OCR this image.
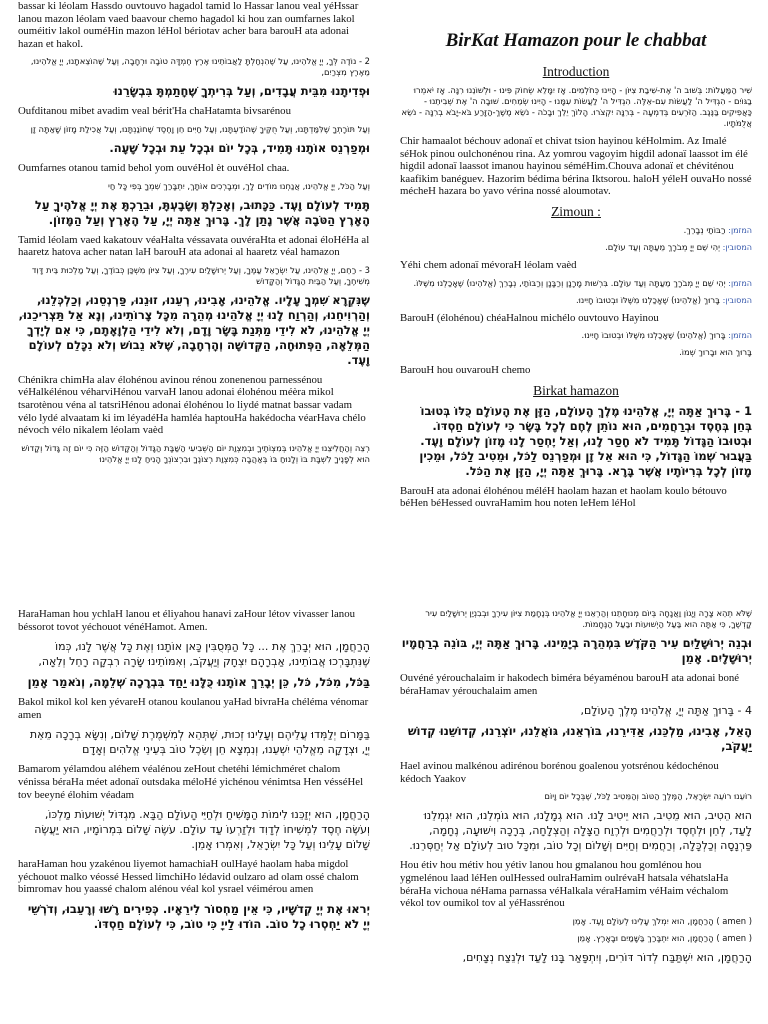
bassar ki léolam Hassdo ouvtouvo hagadol tamid lo Hassar lanou veal yéHssar lanou mazon léolam vaed baavour chemo hagadol ki hou zan oumfarnes lakol ouméitiv lakol ouméHin mazon léHol bériotav acher bara barouH ata adonai hazan et hakol.

2 - נוֹדֶה לְּךָ, יְיָ אֱלֹהֵינוּ, עַל שֶׁהִנְחַלְתָּ לַאֲבוֹתֵינוּ אֶרֶץ חֶמְדָּה טוֹבָה וּרְחָבָה, וְעַל שֶׁהוֹצֵאתָנוּ, יְיָ אֱלֹהֵינוּ, מֵאֶרֶץ מִצְרַיִם,

וּפְדִיתָנוּ מִבֵּית עֲבָדִים, וְעַל בְּרִיתְךָ שֶׁחָתַמְתָּ בִּבְשָׂרֵנוּ

Oufditanou mibet avadim veal bérit'Ha chaHatamta bivsarénou

וְעַל תּוֹרָתְךָ שֶׁלִּמַּדְתָּנוּ, וְעַל חֻקֶּיךָ שֶׁהוֹדַעְתָּנוּ, וְעַל חַיִּים חֵן וָחֶסֶד שֶׁחוֹנַנְתָּנוּ, וְעַל אֲכִילַת מָזוֹן שָׁאַתָּה זָן

וּמְפַרְנֵס אוֹתָנוּ תָּמִיד, בְּכָל יוֹם וּבְכָל עֵת וּבְכָל שָׁעָה.

Oumfarnes otanou tamid behol yom ouvéHol èt ouvéHol chaa.

וְעַל הַכֹּל, יְיָ אֱלֹהֵינוּ, אֲנַחְנוּ מוֹדִים לָךְ, וּמְבָרְכִים אוֹתָךְ, יִתְבָּרַךְ שִׁמְךָ בְּפִי כָּל חַי

תָּמִיד לְעוֹלָם וָעֶד. כַּכָּתוּב, וְאָכַלְתָּ וְשָׂבָעְתָּ, וּבֵרַכְתָּ אֶת יְיָ אֱלֹהֶיךָ עַל הָאָרֶץ הַטֹּבָה אֲשֶׁר נָתַן לָךְ. בָּרוּךְ אַתָּה יְיָ, עַל הָאָרֶץ וְעַל הַמָּזוֹן.

Tamid léolam vaed kakatouv véaHalta véssavata ouvéraHta et adonai éloHéHa al haaretz hatova acher natan laH barouH ata adonai al haaretz véal hamazon

3 - רַחֵם, יְיָ אֱלֹהֵינוּ, עַל יִשְׂרָאֵל עַמֶּךָ, וְעַל יְרוּשָׁלַיִם עִירֶךָ, וְעַל צִיּוֹן מִשְׁכַּן כְּבוֹדֶךָ, וְעַל מַלְכוּת בֵּית דָּוִד מְשִׁיחֶךָ, וְעַל הַבַּיִת הַגָּדוֹל וְהַקָּדוֹשׁ

שֶׁנִּקְרָא שִׁמְךָ עָלָיו. אֱלֹהֵינוּ, אָבִינוּ, רְעֵנוּ, זוּנֵנוּ, פַּרְנְסֵנוּ, וְכַלְכְּלֵנוּ, וְהַרְוִיחֵנוּ, וְהַרְוַח לָנוּ יְיָ אֱלֹהֵינוּ מְהֵרָה מִכָּל צָרוֹתֵינוּ, וְנָא אַל תַּצְרִיכֵנוּ, יְיָ אֱלֹהֵינוּ, לֹא לִידֵי מַתְּנַת בָּשָׂר וָדָם, וְלֹא לִידֵי הַלְוָאָתָם, כִּי אִם לְיָדְךָ הַמְּלֵאָה, הַפְּתוּחָה, הַקְּדוֹשָׁה וְהָרְחָבָה, שֶׁלֹּא נֵבוֹשׁ וְלֹא נִכָּלֵם לְעוֹלָם וָעֶד.

Chénikra chimHa alav élohénou avinou rénou zonenenou parnessénou véHalkélénou véharviHénou varvaH lanou adonai élohénou méèra mikol tsarotènou véna al tatsriHénou adonai élohénou lo liydé matnat bassar vadam vélo lydé alvaatam ki im léyadéHa hamléa haptouHa hakédocha véarHava chélo névoch vélo nikalem léolam vaèd

רְצֵה וְהַחֲלִיצֵנוּ יְיָ אֱלֹהֵינוּ בְּמִצְוֹתֶיךָ וּבְמִצְוַת יוֹם הַשְּׁבִיעִי הַשַּׁבָּת הַגָּדוֹל וְהַקָּדוֹשׁ הַזֶּה כִּי יוֹם זֶה גָּדוֹל וְקָדוֹשׁ הוּא לְפָנֶיךָ לִשְׁבָּת בּוֹ וְלָנוּחַ בּוֹ בְּאַהֲבָה כְּמִצְוַת רְצוֹנֶךָ וּבִרְצוֹנְךָ הָנִיחַ לָנוּ יְיָ אֱלֹהֵינוּ

BirKat Hamazon pour le chabbat
Introduction

שִׁיר הַמַּעֲלוֹת: בְּשׁוּב ה' אֶת-שִׁיבַת צִיּוֹן - הָיִינוּ כְּחֹלְמִים. אָז יִמָּלֵא שְׂחוֹק פִּינוּ - וּלְשׁוֹנֵנוּ רִנָּה. אָז יֹאמְרוּ בַגּוֹיִם - הִגְדִּיל ה' לַעֲשׂוֹת עִם-אֵלֶּה. הִגְדִּיל ה' לַעֲשׂוֹת עִמָּנוּ - הָיִינוּ שְׂמֵחִים. שׁוּבָה ה' אֶת שְׁבִיתֵנוּ - כַּאֲפִיקִים בַּנֶּגֶב. הַזֹּרְעִים בְּדִמְעָה - בְּרִנָּה יִקְצֹרוּ. הָלוֹךְ יֵלֵךְ וּבָכֹה - נֹשֵׂא מֶשֶׁךְ-הַזָּרַע בֹּא-יָבֹא בְרִנָּה - נֹשֵׂא אֲלֻמֹּתָיו.

Chir hamaalot béchouv adonaï et chivat tsion hayinou kéHolmim. Az Imalé séHok pinou oulchonénou rina. Az yomrou vagoyim higdil adonaï laassot im élé higdil adonaï laassot imanou hayinou séméHim.Chouva adonaï et chéviténou kaafikim banéguev. Hazorim bédima bérina Iktsorou. haloH yéleH ouvaHo nossé mécheH hazara bo yavo vérina nossé aloumotav.

Zimoun :

המזמן: רַבּוֹתַי נְבָרֵךְ.

המסובין: יְהִי שֵׁם יְיָ מְבֹרָךְ מֵעַתָּה וְעַד עוֹלָם.

Yéhi chem adonaï mévoraH léolam vaèd

המזמן: יְהִי שֵׁם יְיָ מְבֹרָךְ מֵעַתָּה וְעַד עוֹלָם. בִּרְשׁוּת מָרָנָן וְרַבָּנָן וְרַבּוֹתַי, נְבָרֵךְ (אֱלֹהֵינוּ) שֶׁאָכַלְנוּ מִשֶּׁלּוֹ.

המסובין: בָּרוּךְ (אֱלֹהֵינוּ) שֶׁאָכַלְנוּ מִשֶּׁלּוֹ וּבְטוּבוֹ חָיִינוּ.

BarouH (élohénou) chéaHalnou michélo ouvtouvo Hayinou

המזמן: בָּרוּךְ (אֱלֹהֵינוּ) שֶׁאָכַלְנוּ מִשֶּׁלּוֹ וּבְטוּבוֹ חָיִינוּ.

בָּרוּךְ הוּא וּבָרוּךְ שְׁמוֹ.

BarouH hou ouvarouH chemo

Birkat hamazon

1 - בָּרוּךְ אַתָּה יְיָ, אֱלֹהֵינוּ מֶלֶךְ הָעוֹלָם, הַזָּן אֶת הָעוֹלָם כֻּלּוֹ בְּטוּבוֹ בְּחֵן בְּחֶסֶד וּבְרַחֲמִים, הוּא נוֹתֵן לֶחֶם לְכָל בָּשָׂר כִּי לְעוֹלָם חַסְדּוֹ. וּבְטוּבוֹ הַגָּדוֹל תָּמִיד לֹא חָסַר לָנוּ, וְאַל יֶחְסַר לָנוּ מָזוֹן לְעוֹלָם וָעֶד. בַּעֲבוּר שְׁמוֹ הַגָּדוֹל, כִּי הוּא אֵל זָן וּמְפַרְנֵס לַכֹּל, וּמֵטִיב לַכֹּל, וּמֵכִין מָזוֹן לְכָל בְּרִיּוֹתָיו אֲשֶׁר בָּרָא. בָּרוּךְ אַתָּה יְיָ, הַזָּן אֶת הַכֹּל.

BarouH ata adonai élohénou méléH haolam hazan et haolam koulo bétouvo béHen béHessed ouvraHamim hou noten leHem léHol

HaraHaman hou ychlaH lanou et éliyahou hanavi zaHour létov vivasser lanou béssorot tovot yéchouot vénéHamot. Amen.

הָרַחֲמָן, הוּא יְבָרֵךְ אֶת ... כָּל הַמְּסֻבִּין כָּאן אוֹתָנוּ וְאֶת כָּל אֲשֶׁר לָנוּ, כְּמוֹ שֶׁנִּתְבָּרְכוּ אֲבוֹתֵינוּ, אַבְרָהָם יִצְחָק וְיַעֲקֹב, וְאִמּוֹתֵינוּ שָׂרָה רִבְקָה רָחֵל וְלֵאָה,

בַּכֹּל, מִכֹּל, כֹּל, כֵּן יְבָרֵךְ אוֹתָנוּ כֻּלָּנוּ יַחַד בִּבְרָכָה שְׁלֵמָה, וְנֹאמַר אָמֵן

Bakol mikol kol ken yévareH otanou koulanou yaHad bivraHa chéléma vénomar amen

בַּמָּרוֹם יְלַמְּדוּ עֲלֵיהֶם וְעָלֵינוּ זְכוּת, שֶׁתְּהֵא לְמִשְׁמֶרֶת שָׁלוֹם, וְנִשָּׂא בְרָכָה מֵאֵת יְיָ, וּצְדָקָה מֵאֱלֹהֵי יִשְׁעֵנוּ, וְנִמְצָא חֵן וְשֵׂכֶל טוֹב בְּעֵינֵי אֱלֹהִים וְאָדָם

Bamarom yélamdou aléhem véalénou zeHout chetéhi lémichméret chalom vénissa béraHa méet adonaï outsdaka méloHé yichénou vénimtsa Hen vésséHel tov beeyné élohim véadam

הָרַחֲמָן, הוּא יְזַכֵּנוּ לִימוֹת הַמָּשִׁיחַ וּלְחַיֵּי הָעוֹלָם הַבָּא. מִגְדּוֹל יְשׁוּעוֹת מַלְכּוֹ, וְעֹשֶׂה חֶסֶד לִמְשִׁיחוֹ לְדָוִד וּלְזַרְעוֹ עַד עוֹלָם. עֹשֶׂה שָׁלוֹם בִּמְרוֹמָיו, הוּא יַעֲשֶׂה שָׁלוֹם עָלֵינוּ וְעַל כָּל יִשְׂרָאֵל, וְאִמְרוּ אָמֵן.

haraHaman hou yzakénou liyemot hamachiaH oulHayé haolam haba migdol yéchouot malko véossé Hessed limchiHo lédavid oulzaro ad olam ossé chalom bimromav hou yaassé chalom alénou véal kol ysrael véimérou amen

יְראוּ אֶת יְיָ קְדֹשָׁיו, כִּי אֵין מַחְסוֹר לִירֵאָיו. כְּפִירִים רָשׁוּ וְרָעֵבוּ, וְדֹרְשֵׁי יְיָ לֹא יַחְסְרוּ כָל טוֹב. הוֹדוּ לַייָ כִּי טוֹב, כִּי לְעוֹלָם חַסְדּוֹ.

שֶׁלֹּא תְהֵא צָרָה וְיָגוֹן וַאֲנָחָה בְּיוֹם מְנוּחָתֵנוּ וְהַרְאֵנוּ יְיָ אֱלֹהֵינוּ בְּנֶחָמַת צִיּוֹן עִירֶךָ וּבְבִנְיַן יְרוּשָׁלַיִם עִיר קָדְשֶׁךָ, כִּי אַתָּה הוּא בַּעַל הַיְשׁוּעוֹת וּבַעַל הַנֶּחָמוֹת.

וּבְנֵה יְרוּשָׁלַיִם עִיר הַקֹּדֶשׁ בִּמְהֵרָה בְיָמֵינוּ. בָּרוּךְ אַתָּה יְיָ, בּוֹנֵה בְרַחֲמָיו יְרוּשָׁלָיִם. אָמֵן

Ouvéné yérouchalaim ir hakodech biméra béyaménou barouH ata adonai boné béraHamav yérouchalaim amen

4 - בָּרוּךְ אַתָּה יְיָ, אֱלֹהֵינוּ מֶלֶךְ הָעוֹלָם,

הָאֵל, אָבִינוּ, מַלְכֵּנוּ, אַדִּירֵנוּ, בּוֹרְאֵנוּ, גּוֹאֲלֵנוּ, יוֹצְרֵנוּ, קְדוֹשֵׁנוּ קְדוֹשׁ יַעֲקֹב,

Hael avinou malkénou adirénou borénou goalenou yotsrénou kédochénou kédoch Yaakov

רוֹעֵנוּ רוֹעֵה יִשְׂרָאֵל, הַמֶּלֶךְ הַטּוֹב וְהַמֵּטִיב לַכֹּל, שֶׁבְּכָל יוֹם וָיוֹם

הוּא הֵטִיב, הוּא מֵטִיב, הוּא יֵיטִיב לָנוּ. הוּא גְמָלָנוּ, הוּא גוֹמְלֵנוּ, הוּא יִגְמְלֵנוּ לָעַד, לְחֵן וּלְחֶסֶד וּלְרַחֲמִים וּלְרֶוַח הַצָּלָה וְהַצְלָחָה, בְּרָכָה וִישׁוּעָה, נֶחָמָה, פַּרְנָסָה וְכַלְכָּלָה, וְרַחֲמִים וְחַיִּים וְשָׁלוֹם וְכָל טוֹב, וּמִכָּל טוּב לְעוֹלָם אַל יְחַסְּרֵנוּ.

Hou étiv hou métiv hou yétiv lanou hou gmalanou hou gomlénou hou ygmelénou laad léHen oulHessed oulraHamim oulrévaH hatsala véhatslaHa béraHa vichoua néHama parnassa véHalkala véraHamim véHaim véchalom vékol tov oumikol tov al yéHassrénou

( amen ) הָרַחֲמָן, הוּא יִמְלֹךְ עָלֵינוּ לְעוֹלָם וָעֶד. אָמֵן

( amen ) הָרַחֲמָן, הוּא יִתְבָּרַךְ בַּשָּׁמַיִם וּבָאָרֶץ. אָמֵן

הָרַחֲמָן, הוּא יִשְׁתַּבַּח לְדוֹר דּוֹרִים, וְיִתְפָּאַר בָּנוּ לָעַד וּלְנֵצַח נְצָחִים,
